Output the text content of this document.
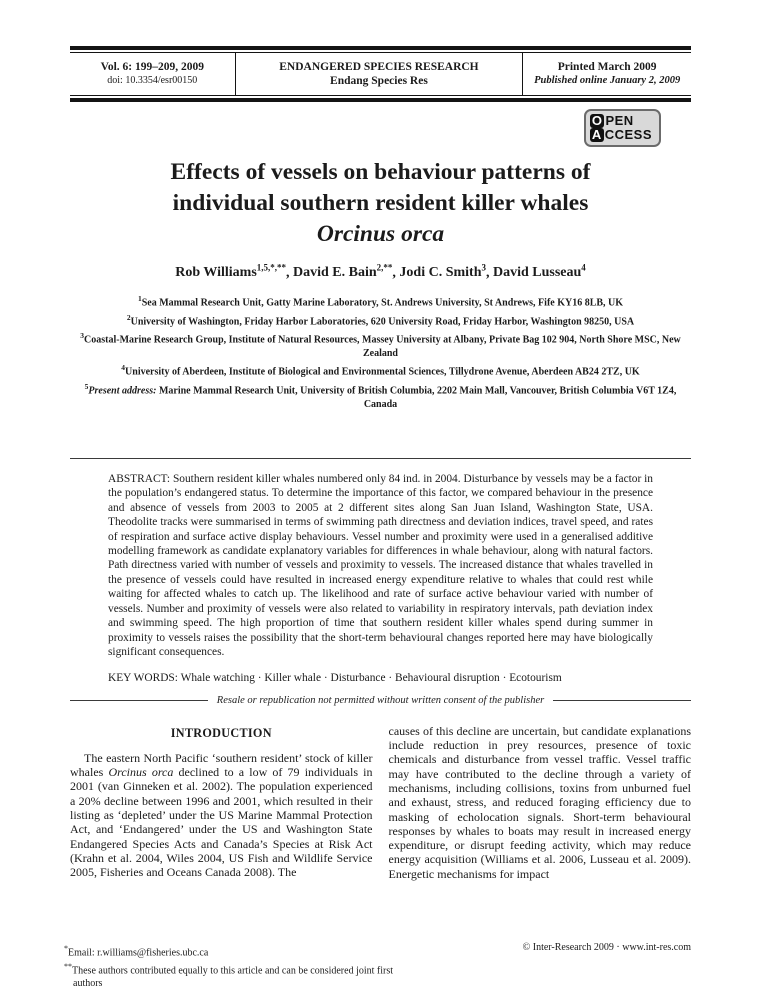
Vol. 6: 199–209, 2009
doi: 10.3354/esr00150
ENDANGERED SPECIES RESEARCH
Endang Species Res
Printed March 2009
Published online January 2, 2009
O PEN
A CCESS
Effects of vessels on behaviour patterns of
individual southern resident killer whales
Orcinus orca
Rob Williams$^{1,5,*,**}$, David E. Bain$^{2,**}$, Jodi C. Smith$^3$, David Lusseau$^4$
$^1$Sea Mammal Research Unit, Gatty Marine Laboratory, St. Andrews University, St Andrews, Fife KY16 8LB, UK
$^2$University of Washington, Friday Harbor Laboratories, 620 University Road, Friday Harbor, Washington 98250, USA
$^3$Coastal-Marine Research Group, Institute of Natural Resources, Massey University at Albany, Private Bag 102 904, North Shore MSC, New Zealand
$^4$University of Aberdeen, Institute of Biological and Environmental Sciences, Tillydrone Avenue, Aberdeen AB24 2TZ, UK
$^5$Present address: Marine Mammal Research Unit, University of British Columbia, 2202 Main Mall, Vancouver, British Columbia V6T 1Z4, Canada

ABSTRACT: Southern resident killer whales numbered only 84 ind. in 2004. Disturbance by vessels may be a factor in the population’s endangered status. To determine the importance of this factor, we compared behaviour in the presence and absence of vessels from 2003 to 2005 at 2 different sites along San Juan Island, Washington State, USA. Theodolite tracks were summarised in terms of swimming path directness and deviation indices, travel speed, and rates of respiration and surface active display behaviours. Vessel number and proximity were used in a generalised additive modelling framework as candidate explanatory variables for differences in whale behaviour, along with natural factors. Path directness varied with number of vessels and proximity to vessels. The increased distance that whales travelled in the presence of vessels could have resulted in increased energy expenditure relative to whales that could rest while waiting for affected whales to catch up. The likelihood and rate of surface active behaviour varied with number of vessels. Number and proximity of vessels were also related to variability in respiratory intervals, path deviation index and swimming speed. The high proportion of time that southern resident killer whales spend during summer in proximity to vessels raises the possibility that the short-term behavioural changes reported here may have biologically significant consequences.

KEY WORDS: Whale watching · Killer whale · Disturbance · Behavioural disruption · Ecotourism

Resale or republication not permitted without written consent of the publisher
INTRODUCTION

The eastern North Pacific ‘southern resident’ stock of killer whales Orcinus orca declined to a low of 79 individuals in 2001 (van Ginneken et al. 2002). The population experienced a 20% decline between 1996 and 2001, which resulted in their listing as ‘depleted’ under the US Marine Mammal Protection Act, and ‘Endangered’ under the US and Washington State Endangered Species Acts and Canada’s Species at Risk Act (Krahn et al. 2004, Wiles 2004, US Fish and Wildlife Service 2005, Fisheries and Oceans Canada 2008). The

causes of this decline are uncertain, but candidate explanations include reduction in prey resources, presence of toxic chemicals and disturbance from vessel traffic. Vessel traffic may have contributed to the decline through a variety of mechanisms, including collisions, toxins from unburned fuel and exhaust, stress, and reduced foraging efficiency due to masking of echolocation signals. Short-term behavioural responses by whales to boats may result in increased energy expenditure, or disrupt feeding activity, which may reduce energy acquisition (Williams et al. 2006, Lusseau et al. 2009). Energetic mechanisms for impact

*Email: r.williams@fisheries.ubc.ca
**These authors contributed equally to this article and can be considered joint first authors
© Inter-Research 2009 · www.int-res.com
